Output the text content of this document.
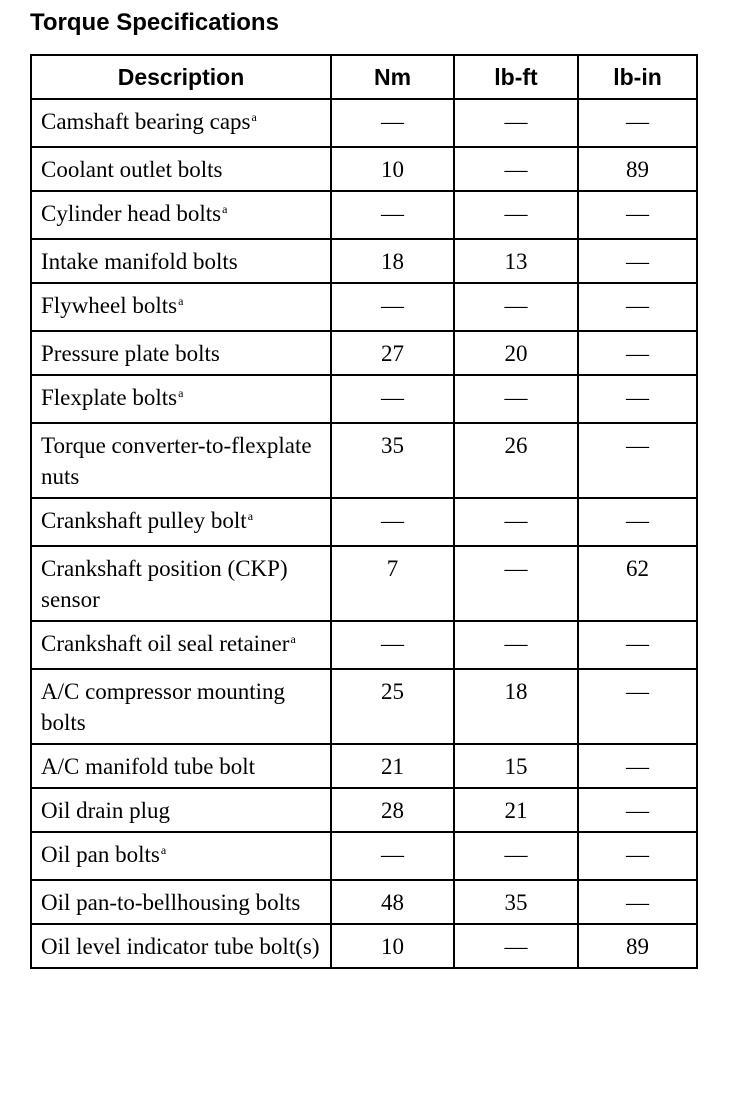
Torque Specifications
Description	Nm	lb-ft	lb-in
Camshaft bearing caps$^a$	—	—	—
Coolant outlet bolts	10	—	89
Cylinder head bolts$^a$	—	—	—
Intake manifold bolts	18	13	—
Flywheel bolts$^a$	—	—	—
Pressure plate bolts	27	20	—
Flexplate bolts$^a$	—	—	—
Torque converter-to-flexplate nuts	35	26	—
Crankshaft pulley bolt$^a$	—	—	—
Crankshaft position (CKP) sensor	7	—	62
Crankshaft oil seal retainer$^a$	—	—	—
A/C compressor mounting bolts	25	18	—
A/C manifold tube bolt	21	15	—
Oil drain plug	28	21	—
Oil pan bolts$^a$	—	—	—
Oil pan-to-bellhousing bolts	48	35	—
Oil level indicator tube bolt(s)	10	—	89
